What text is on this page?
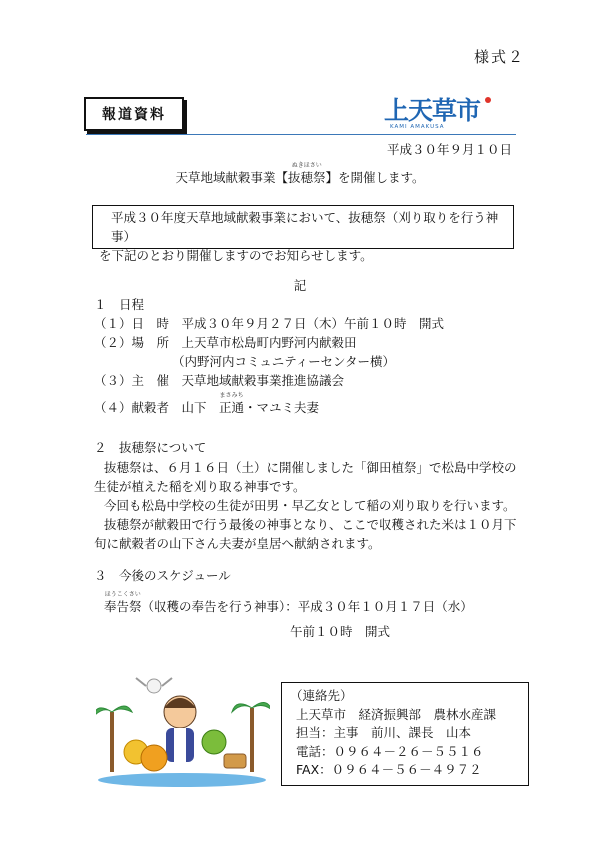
様式２
報道資料	上天草市
KAMI AMAKUSA
平成３０年９月１０日
天草地域献穀事業【
ぬきほさい
抜穂祭】を開催します。
平成３０年度天草地域献穀事業において、抜穂祭（刈り取りを行う神事）
を下記のとおり開催しますのでお知らせします。
記
１　日程
（１）日　時　平成３０年９月２７日（木）午前１０時　開式
（２）場　所　上天草市松島町内野河内献穀田
（内野河内コミュニティーセンター横）
（３）主　催　天草地域献穀事業推進協議会
（４）献穀者　山下　
まさみち
正通・マユミ夫妻
２　抜穂祭について
抜穂祭は、６月１６日（土）に開催しました「御田植祭」で松島中学校の
生徒が植えた稲を刈り取る神事です。
今回も松島中学校の生徒が田男・早乙女として稲の刈り取りを行います。
抜穂祭が献穀田で行う最後の神事となり、ここで収穫された米は１０月下
旬に献穀者の山下さん夫妻が皇居へ献納されます。
３　今後のスケジュール
ほうこくさい
奉告祭（収穫の奉告を行う神事）：平成３０年１０月１７日（水）
午前１０時　開式
（連絡先）
上天草市　経済振興部　農林水産課
担当：主事　前川、課長　山本
電話：０９６４－２６－５５１６
FAX：０９６４－５６－４９７２
